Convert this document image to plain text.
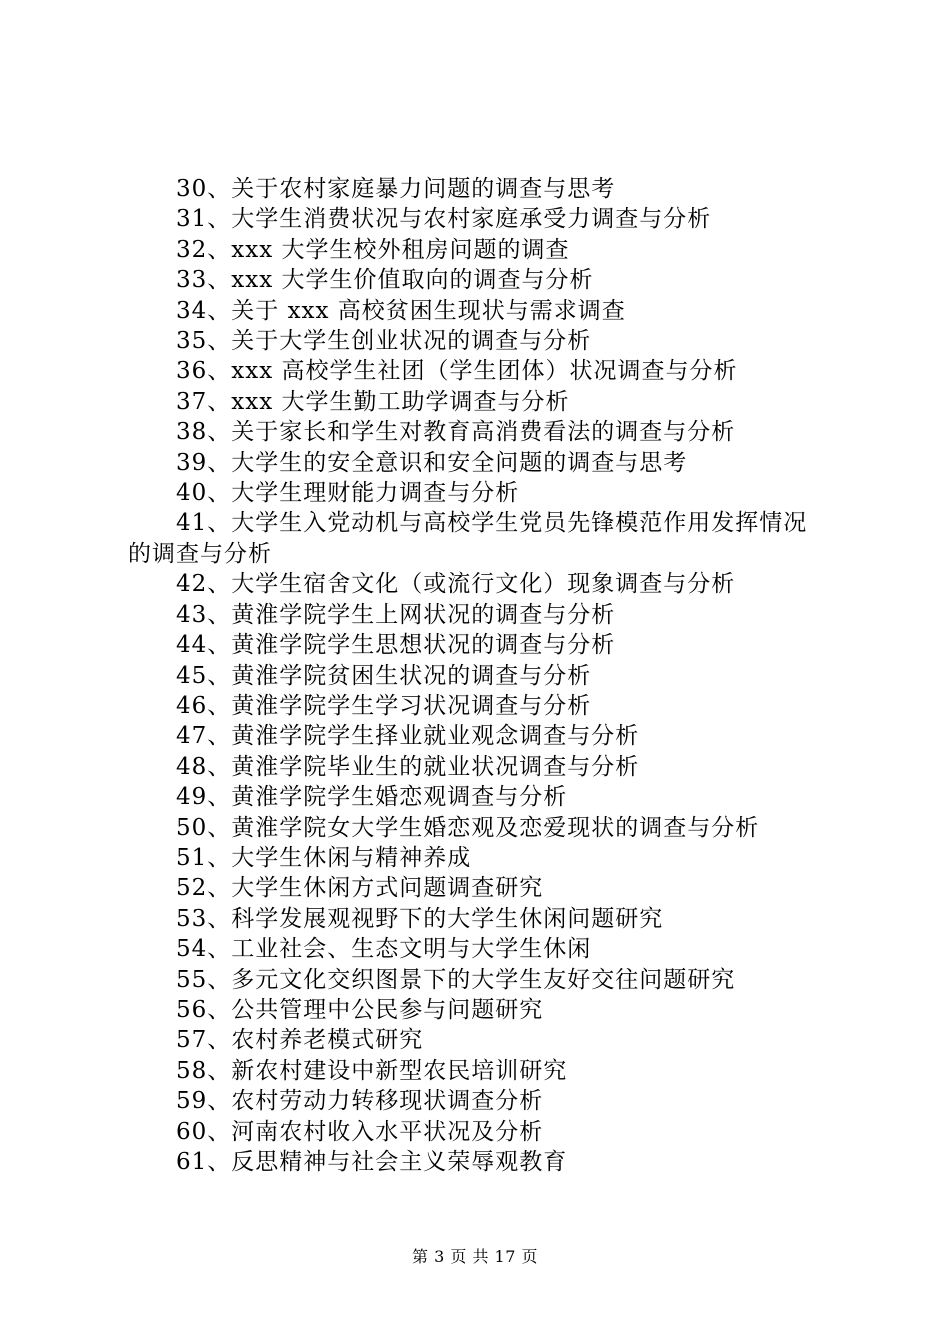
30、关于农村家庭暴力问题的调查与思考
31、大学生消费状况与农村家庭承受力调查与分析
32、xxx 大学生校外租房问题的调查
33、xxx 大学生价值取向的调查与分析
34、关于 xxx 高校贫困生现状与需求调查
35、关于大学生创业状况的调查与分析
36、xxx 高校学生社团（学生团体）状况调查与分析
37、xxx 大学生勤工助学调查与分析
38、关于家长和学生对教育高消费看法的调查与分析
39、大学生的安全意识和安全问题的调查与思考
40、大学生理财能力调查与分析
41、大学生入党动机与高校学生党员先锋模范作用发挥情况的调查与分析
42、大学生宿舍文化（或流行文化）现象调查与分析
43、黄淮学院学生上网状况的调查与分析
44、黄淮学院学生思想状况的调查与分析
45、黄淮学院贫困生状况的调查与分析
46、黄淮学院学生学习状况调查与分析
47、黄淮学院学生择业就业观念调查与分析
48、黄淮学院毕业生的就业状况调查与分析
49、黄淮学院学生婚恋观调查与分析
50、黄淮学院女大学生婚恋观及恋爱现状的调查与分析
51、大学生休闲与精神养成
52、大学生休闲方式问题调查研究
53、科学发展观视野下的大学生休闲问题研究
54、工业社会、生态文明与大学生休闲
55、多元文化交织图景下的大学生友好交往问题研究
56、公共管理中公民参与问题研究
57、农村养老模式研究
58、新农村建设中新型农民培训研究
59、农村劳动力转移现状调查分析
60、河南农村收入水平状况及分析
61、反思精神与社会主义荣辱观教育
第 3 页 共 17 页
